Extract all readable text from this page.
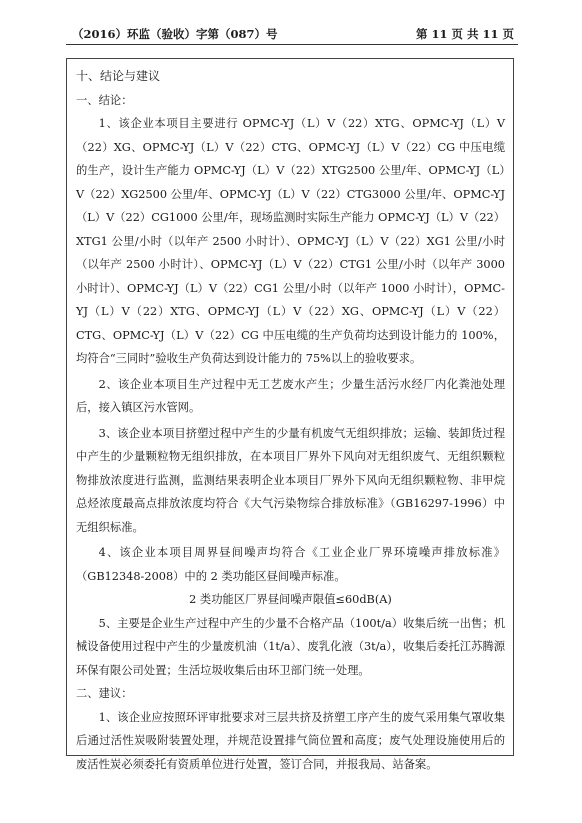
（2016）环监（验收）字第（087）号	第 11 页 共 11 页

十、结论与建议

一、结论：

1、该企业本项目主要进行 OPMC-YJ（L）V（22）XTG、OPMC-YJ（L）V（22）XG、OPMC-YJ（L）V（22）CTG、OPMC-YJ（L）V（22）CG 中压电缆的生产，设计生产能力 OPMC-YJ（L）V（22）XTG2500 公里/年、OPMC-YJ（L）V（22）XG2500 公里/年、OPMC-YJ（L）V（22）CTG3000 公里/年、OPMC-YJ（L）V（22）CG1000 公里/年，现场监测时实际生产能力 OPMC-YJ（L）V（22）XTG1 公里/小时（以年产 2500 小时计）、OPMC-YJ（L）V（22）XG1 公里/小时（以年产 2500 小时计）、OPMC-YJ（L）V（22）CTG1 公里/小时（以年产 3000 小时计）、OPMC-YJ（L）V（22）CG1 公里/小时（以年产 1000 小时计），OPMC-YJ（L）V（22）XTG、OPMC-YJ（L）V（22）XG、OPMC-YJ（L）V（22）CTG、OPMC-YJ（L）V（22）CG 中压电缆的生产负荷均达到设计能力的 100%，均符合“三同时”验收生产负荷达到设计能力的 75%以上的验收要求。

2、该企业本项目生产过程中无工艺废水产生；少量生活污水经厂内化粪池处理后，接入镇区污水管网。

3、该企业本项目挤塑过程中产生的少量有机废气无组织排放；运输、装卸货过程中产生的少量颗粒物无组织排放，在本项目厂界外下风向对无组织废气、无组织颗粒物排放浓度进行监测，监测结果表明企业本项目厂界外下风向无组织颗粒物、非甲烷总烃浓度最高点排放浓度均符合《大气污染物综合排放标准》（GB16297-1996）中无组织标准。

4、该企业本项目周界昼间噪声均符合《工业企业厂界环境噪声排放标准》（GB12348-2008）中的 2 类功能区昼间噪声标准。

2 类功能区厂界昼间噪声限值≤60dB(A)

5、主要是企业生产过程中产生的少量不合格产品（100t/a）收集后统一出售；机械设备使用过程中产生的少量废机油（1t/a）、废乳化液（3t/a），收集后委托江苏腾源环保有限公司处置；生活垃圾收集后由环卫部门统一处理。

二、建议：

1、该企业应按照环评审批要求对三层共挤及挤塑工序产生的废气采用集气罩收集后通过活性炭吸附装置处理，并规范设置排气筒位置和高度；废气处理设施使用后的废活性炭必须委托有资质单位进行处置，签订合同，并报我局、站备案。
